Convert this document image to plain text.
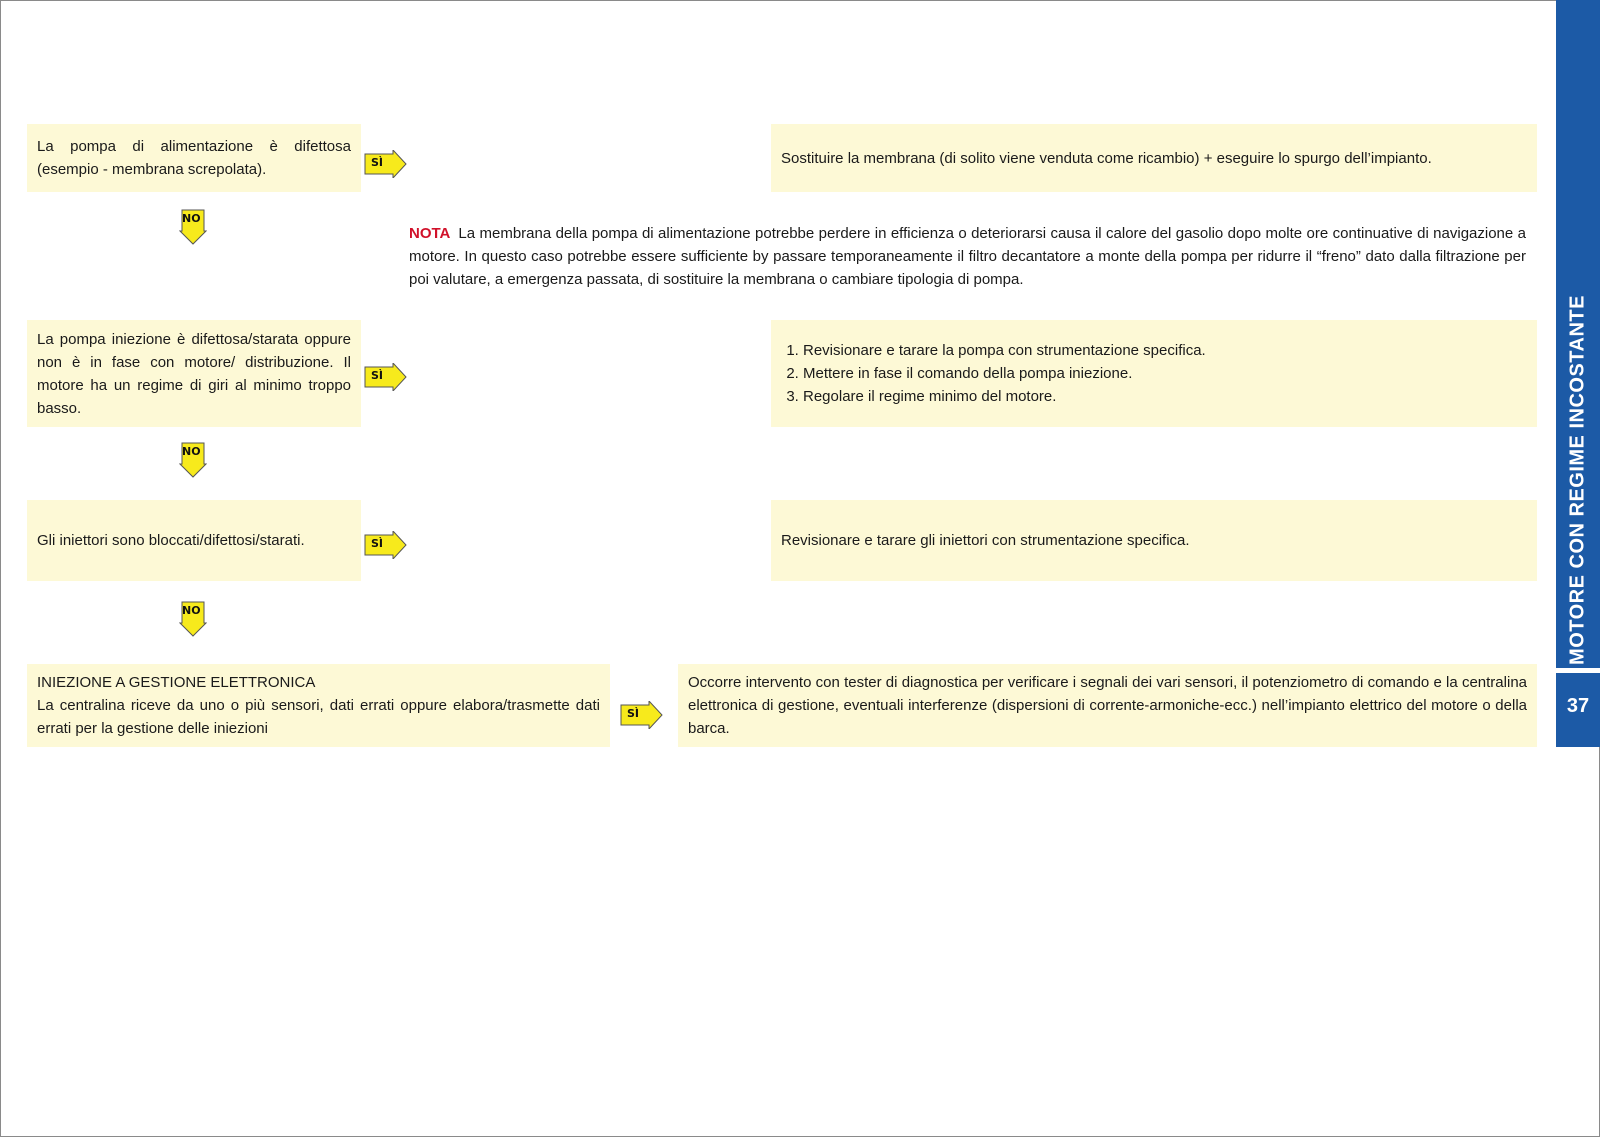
La pompa di alimentazione è difettosa (esempio - membrana screpolata).	SÌ	Sostituire la membrana (di solito viene venduta come ricambio) + eseguire lo spurgo dell’impianto.

NO
NOTA La membrana della pompa di alimentazione potrebbe perdere in efficienza o deteriorarsi causa il calore del gasolio dopo molte ore continuative di navigazione a motore. In questo caso potrebbe essere sufficiente by passare temporaneamente il filtro decantatore a monte della pompa per ridurre il “freno” dato dalla filtrazione per poi valutare, a emergenza passata, di sostituire la membrana o cambiare tipologia di pompa.

La pompa iniezione è difettosa/starata oppure non è in fase con motore/ distribuzione. Il motore ha un regime di giri al minimo troppo basso.

SÌ
1. Revisionare e tarare la pompa con strumentazione specifica.
2. Mettere in fase il comando della pompa iniezione.
3. Regolare il regime minimo del motore.
NO

Gli iniettori sono bloccati/difettosi/starati.	SÌ	Revisionare e tarare gli iniettori con strumentazione specifica.

NO

INIEZIONE A GESTIONE ELETTRONICA

La centralina riceve da uno o più sensori, dati errati oppure elabora/trasmette dati errati per la gestione delle iniezioni

SÌ

Occorre intervento con tester di diagnostica per verificare i segnali dei vari sensori, il potenziometro di comando e la centralina elettronica di gestione, eventuali interferenze (dispersioni di corrente-armoniche-ecc.) nell’impianto elettrico del motore o della barca.

MOTORE CON REGIME INCOSTANTE
37
